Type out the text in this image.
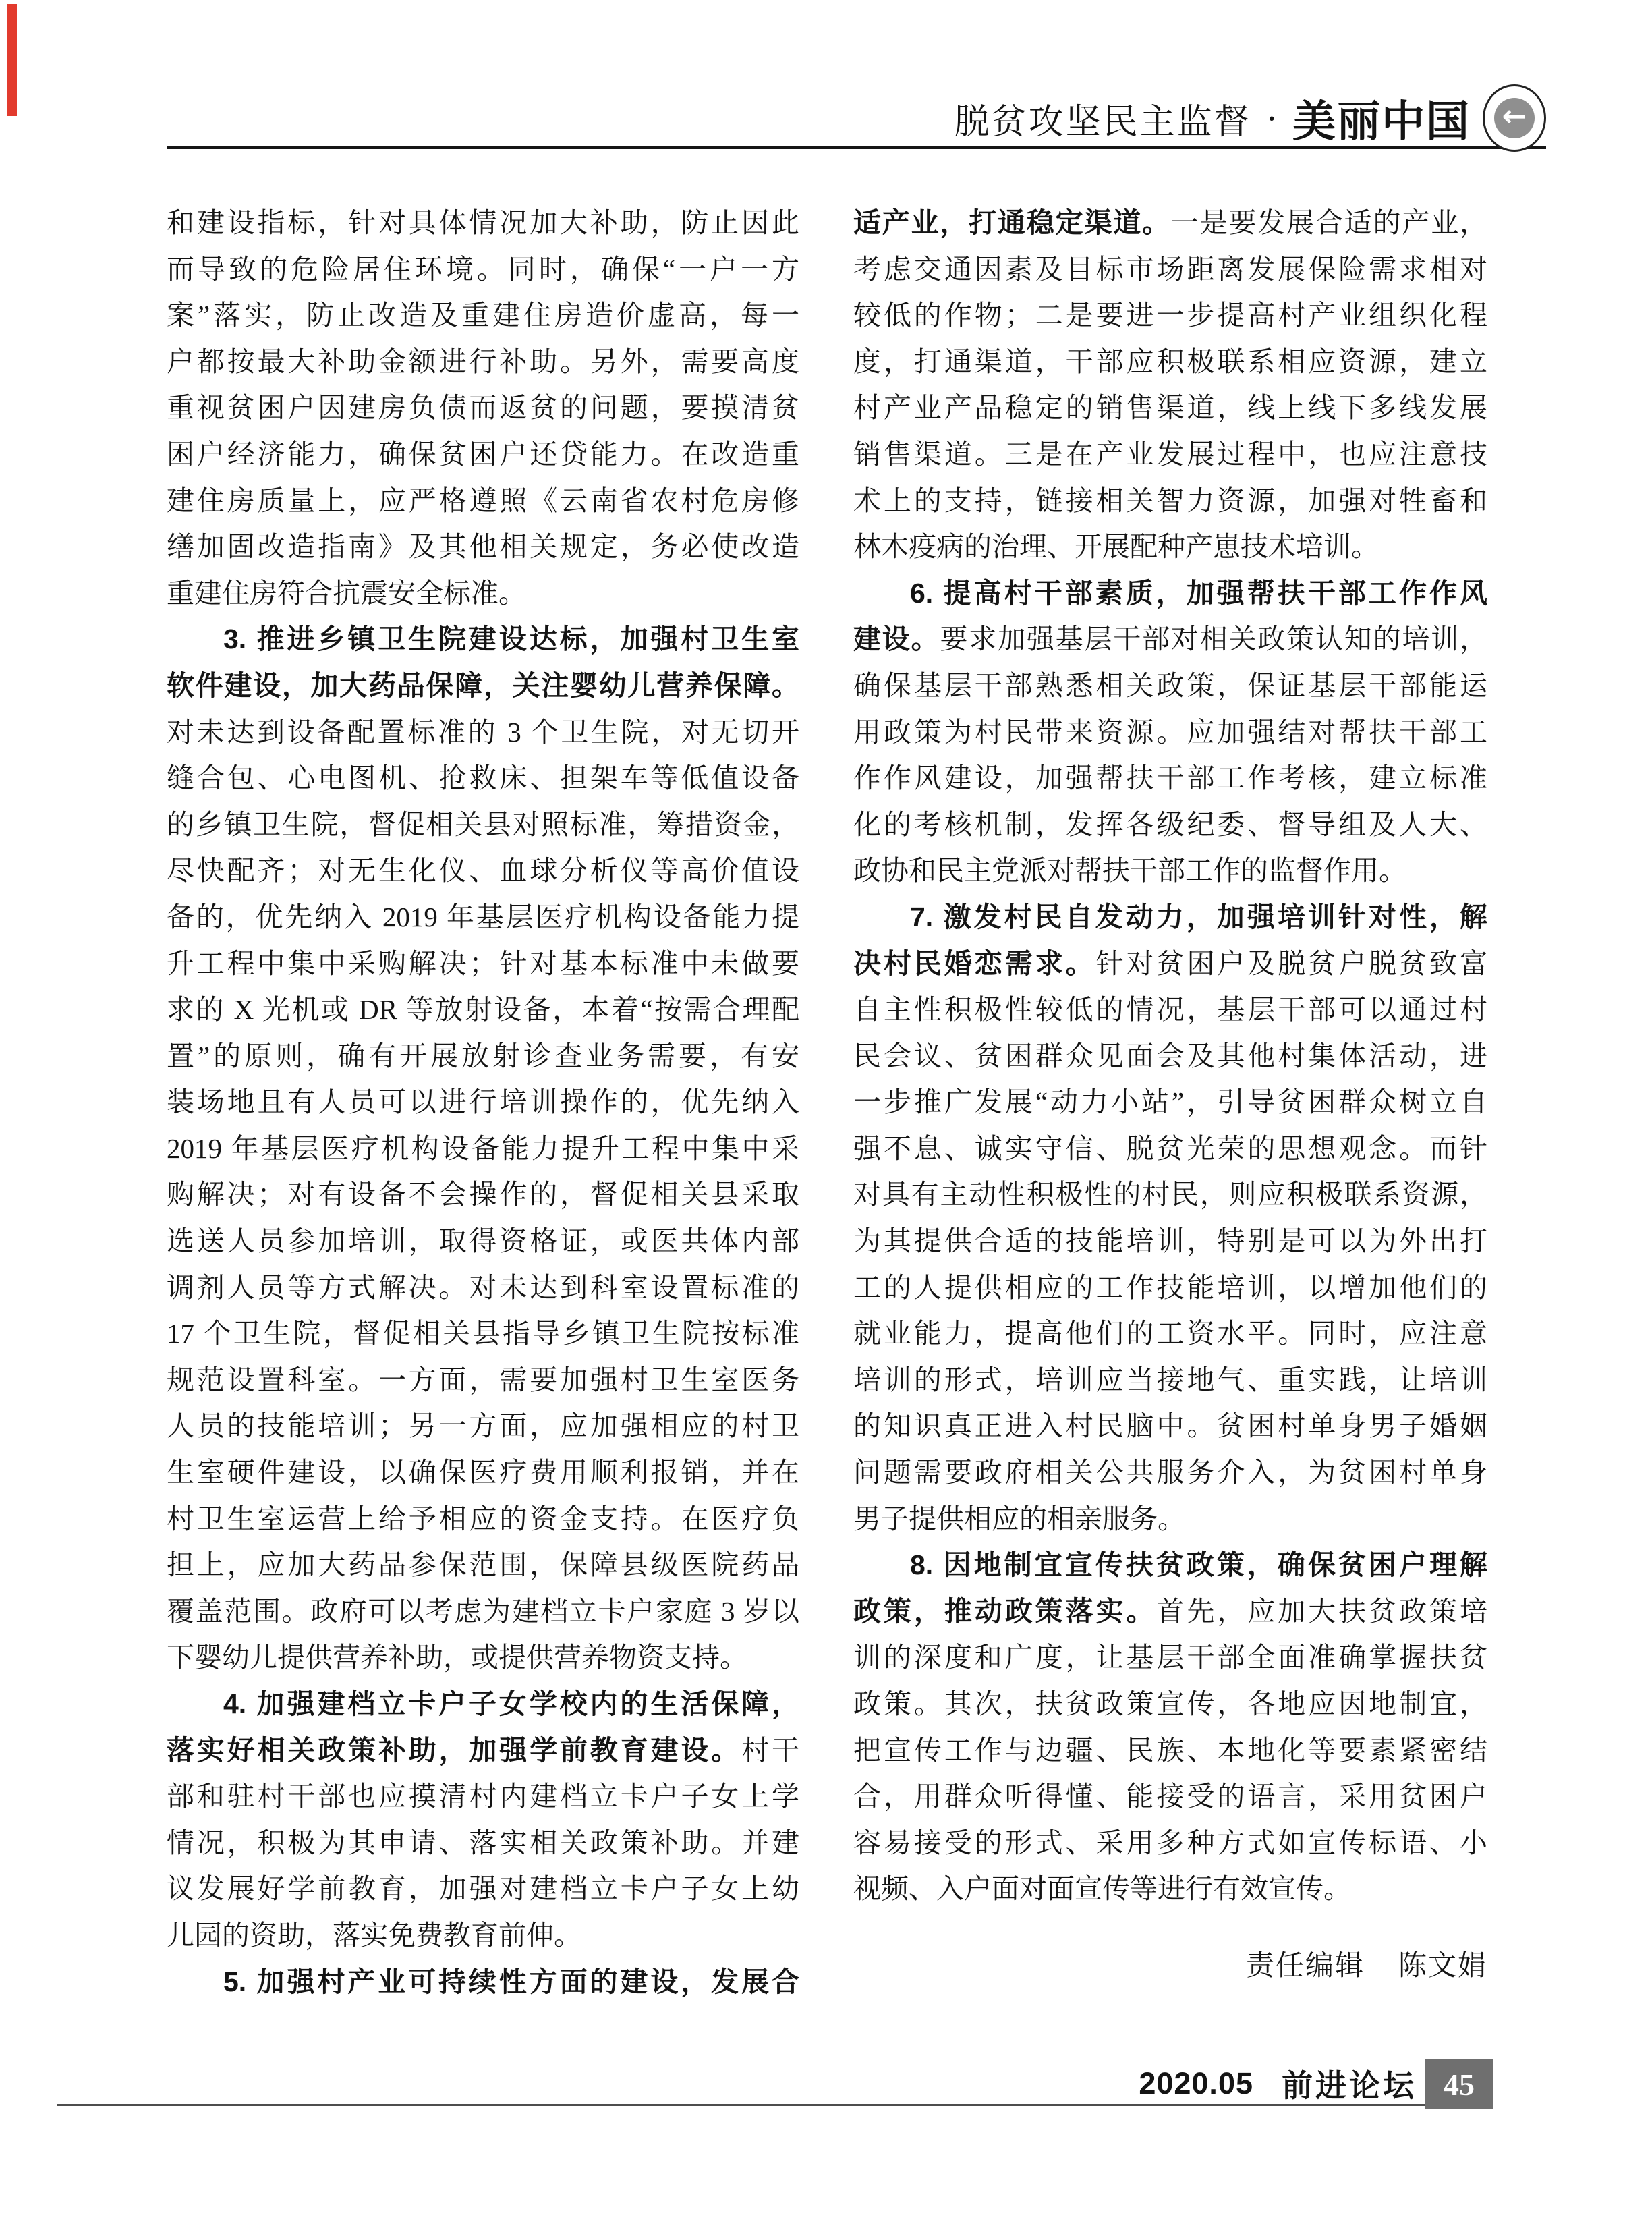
脱贫攻坚民主监督 · 美丽中国 ←
和建设指标，针对具体情况加大补助，防止因此
而导致的危险居住环境。同时，确保“一户一方
案”落实，防止改造及重建住房造价虚高，每一
户都按最大补助金额进行补助。另外，需要高度
重视贫困户因建房负债而返贫的问题，要摸清贫
困户经济能力，确保贫困户还贷能力。在改造重
建住房质量上，应严格遵照《云南省农村危房修
缮加固改造指南》及其他相关规定，务必使改造
重建住房符合抗震安全标准。
3. 推进乡镇卫生院建设达标，加强村卫生室
软件建设，加大药品保障，关注婴幼儿营养保障。
对未达到设备配置标准的 3 个卫生院，对无切开
缝合包、心电图机、抢救床、担架车等低值设备
的乡镇卫生院，督促相关县对照标准，筹措资金，
尽快配齐；对无生化仪、血球分析仪等高价值设
备的，优先纳入 2019 年基层医疗机构设备能力提
升工程中集中采购解决；针对基本标准中未做要
求的 X 光机或 DR 等放射设备，本着“按需合理配
置”的原则，确有开展放射诊查业务需要，有安
装场地且有人员可以进行培训操作的，优先纳入
2019 年基层医疗机构设备能力提升工程中集中采
购解决；对有设备不会操作的，督促相关县采取
选送人员参加培训，取得资格证，或医共体内部
调剂人员等方式解决。对未达到科室设置标准的
17 个卫生院，督促相关县指导乡镇卫生院按标准
规范设置科室。一方面，需要加强村卫生室医务
人员的技能培训；另一方面，应加强相应的村卫
生室硬件建设，以确保医疗费用顺利报销，并在
村卫生室运营上给予相应的资金支持。在医疗负
担上，应加大药品参保范围，保障县级医院药品
覆盖范围。政府可以考虑为建档立卡户家庭 3 岁以
下婴幼儿提供营养补助，或提供营养物资支持。
4. 加强建档立卡户子女学校内的生活保障，
落实好相关政策补助，加强学前教育建设。村干
部和驻村干部也应摸清村内建档立卡户子女上学
情况，积极为其申请、落实相关政策补助。并建
议发展好学前教育，加强对建档立卡户子女上幼
儿园的资助，落实免费教育前伸。
5. 加强村产业可持续性方面的建设，发展合
适产业，打通稳定渠道。一是要发展合适的产业，
考虑交通因素及目标市场距离发展保险需求相对
较低的作物；二是要进一步提高村产业组织化程
度，打通渠道，干部应积极联系相应资源，建立
村产业产品稳定的销售渠道，线上线下多线发展
销售渠道。三是在产业发展过程中，也应注意技
术上的支持，链接相关智力资源，加强对牲畜和
林木疫病的治理、开展配种产崽技术培训。
6. 提高村干部素质，加强帮扶干部工作作风
建设。要求加强基层干部对相关政策认知的培训，
确保基层干部熟悉相关政策，保证基层干部能运
用政策为村民带来资源。应加强结对帮扶干部工
作作风建设，加强帮扶干部工作考核，建立标准
化的考核机制，发挥各级纪委、督导组及人大、
政协和民主党派对帮扶干部工作的监督作用。
7. 激发村民自发动力，加强培训针对性，解
决村民婚恋需求。针对贫困户及脱贫户脱贫致富
自主性积极性较低的情况，基层干部可以通过村
民会议、贫困群众见面会及其他村集体活动，进
一步推广发展“动力小站”，引导贫困群众树立自
强不息、诚实守信、脱贫光荣的思想观念。而针
对具有主动性积极性的村民，则应积极联系资源，
为其提供合适的技能培训，特别是可以为外出打
工的人提供相应的工作技能培训，以增加他们的
就业能力，提高他们的工资水平。同时，应注意
培训的形式，培训应当接地气、重实践，让培训
的知识真正进入村民脑中。贫困村单身男子婚姻
问题需要政府相关公共服务介入，为贫困村单身
男子提供相应的相亲服务。
8. 因地制宜宣传扶贫政策，确保贫困户理解
政策，推动政策落实。首先，应加大扶贫政策培
训的深度和广度，让基层干部全面准确掌握扶贫
政策。其次，扶贫政策宣传，各地应因地制宜，
把宣传工作与边疆、民族、本地化等要素紧密结
合，用群众听得懂、能接受的语言，采用贫困户
容易接受的形式、采用多种方式如宣传标语、小
视频、入户面对面宣传等进行有效宣传。
责任编辑 陈文娟
2020.05 前进论坛 45
